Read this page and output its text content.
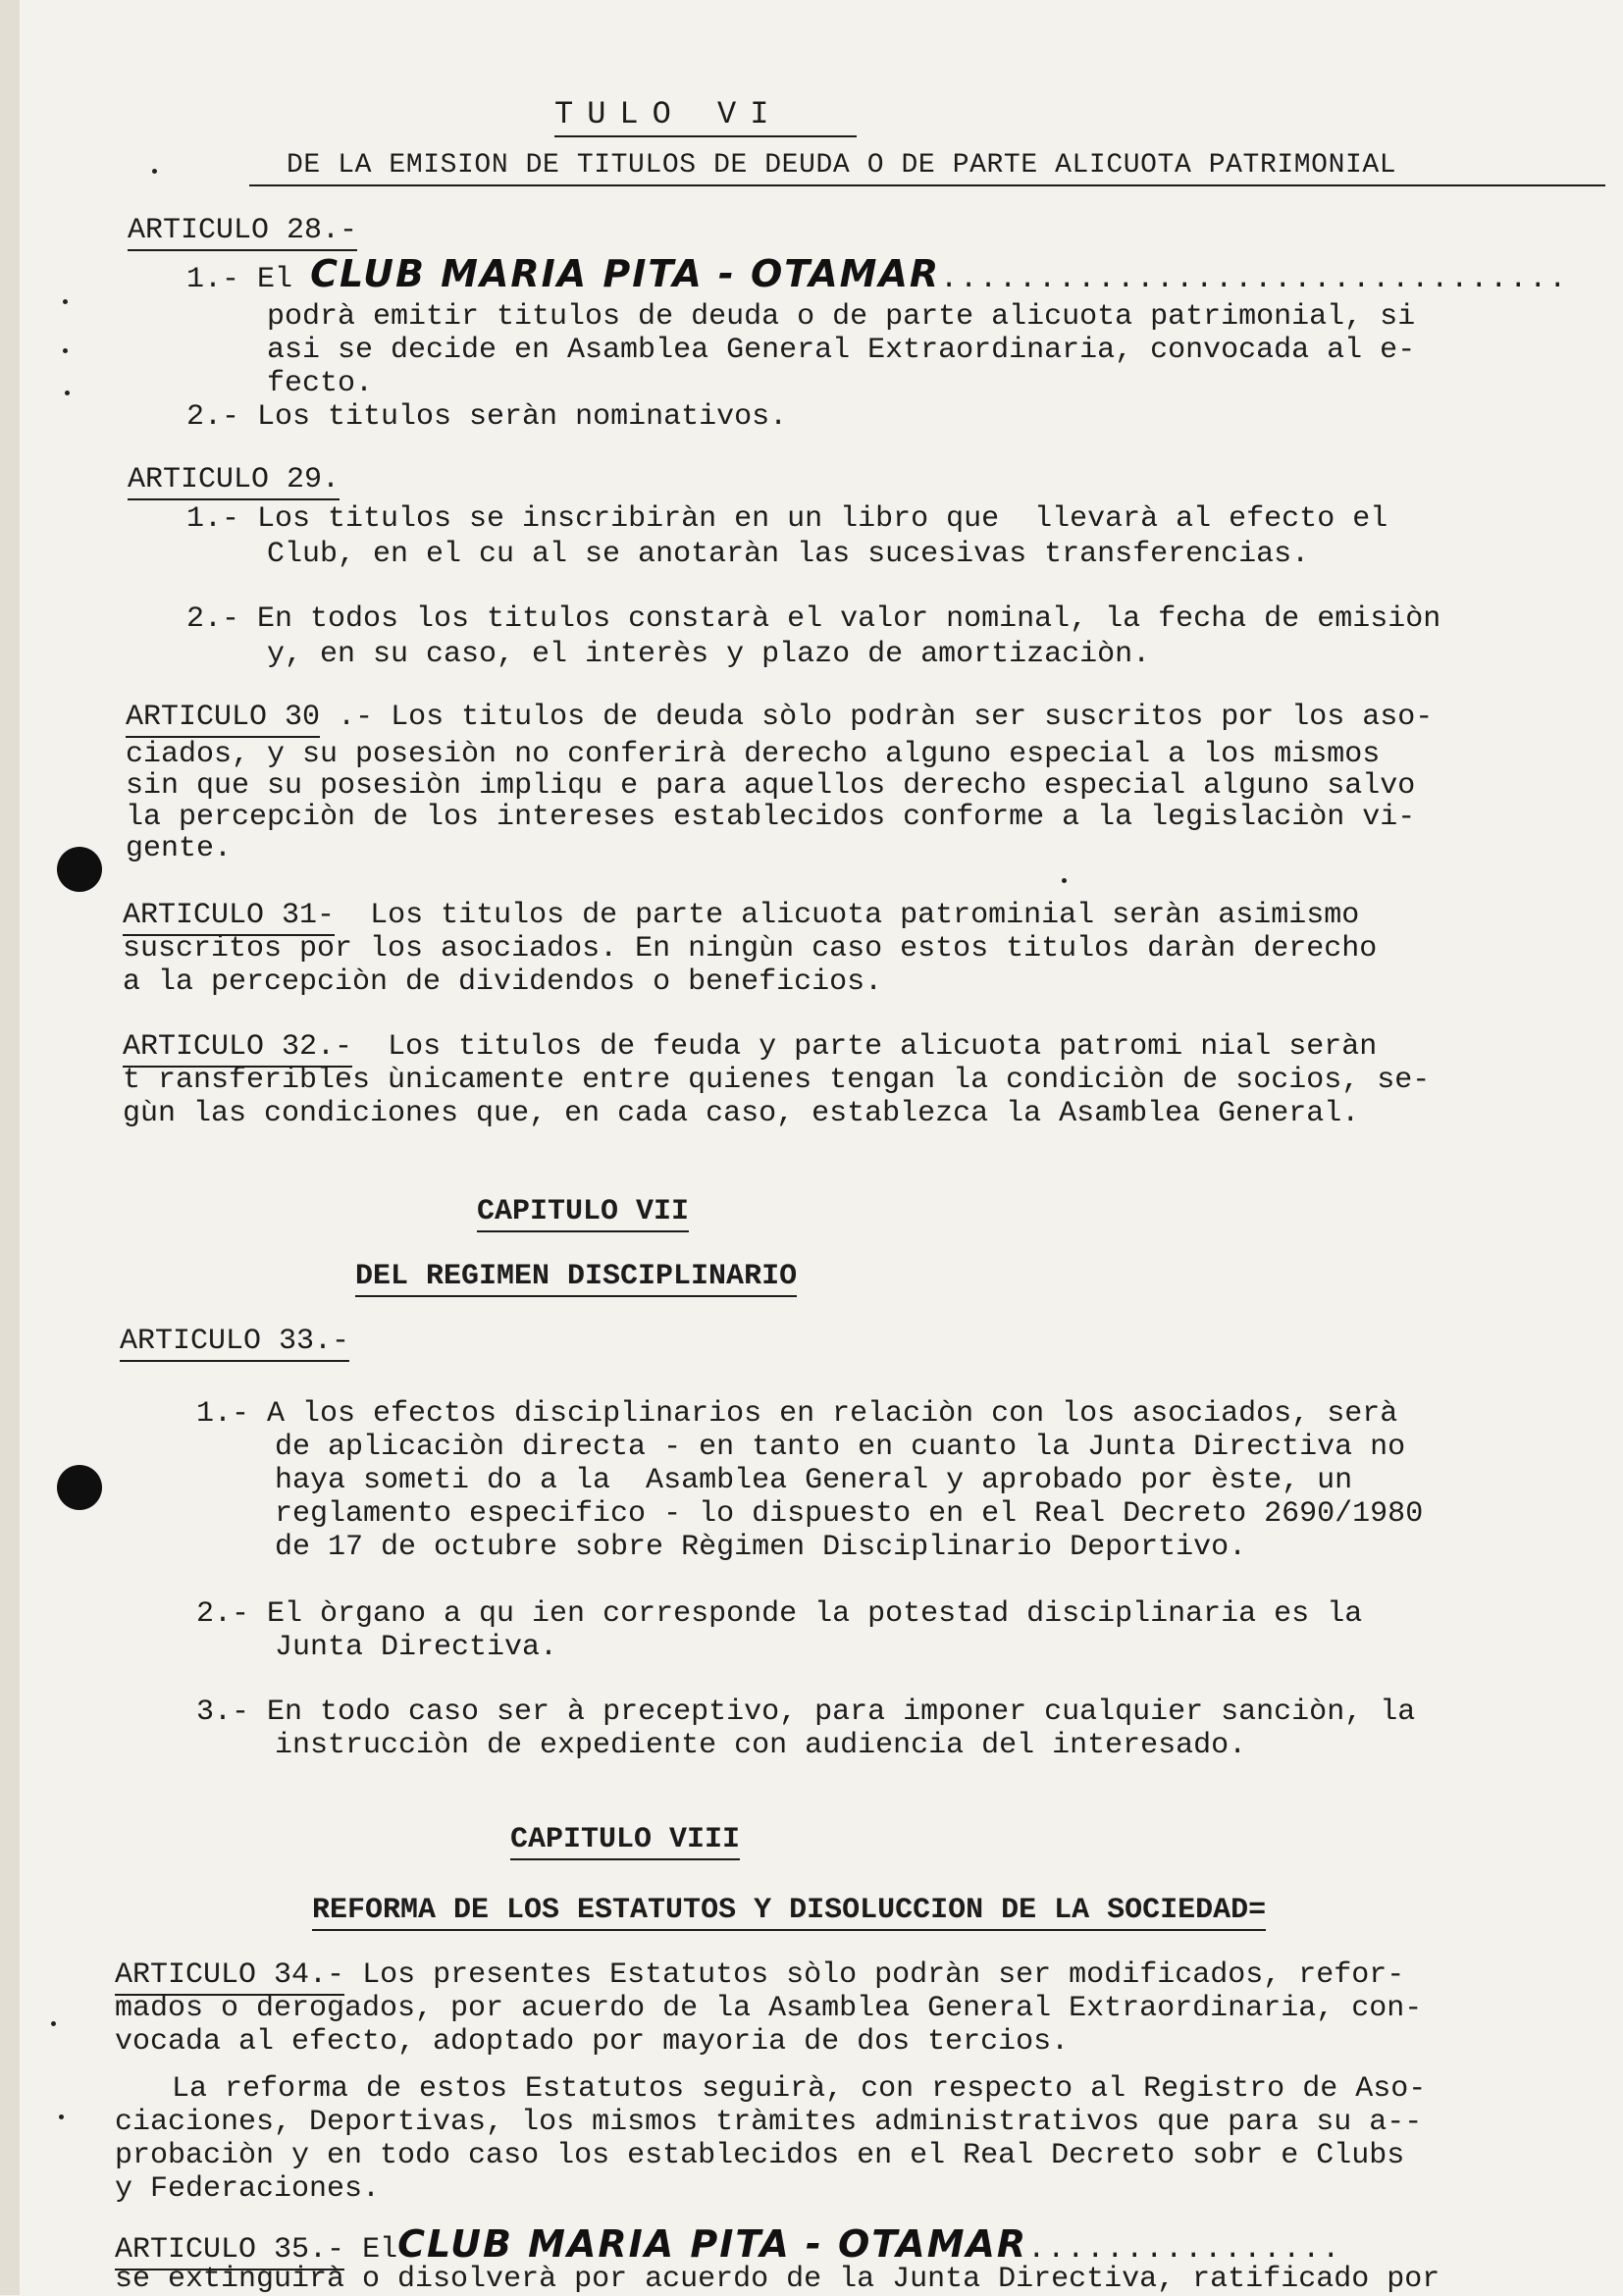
TULO VI
DE LA EMISION DE TITULOS DE DEUDA O DE PARTE ALICUOTA PATRIMONIAL
ARTICULO 28.-
1.- El CLUB MARIA PITA - OTAMAR................................
podrà emitir titulos de deuda o de parte alicuota patrimonial, si
asi se decide en Asamblea General Extraordinaria, convocada al e-
fecto.
2.- Los titulos seràn nominativos.
ARTICULO 29.
1.- Los titulos se inscribiràn en un libro que  llevarà al efecto el
Club, en el cu al se anotaràn las sucesivas transferencias.
2.- En todos los titulos constarà el valor nominal, la fecha de emisiòn
y, en su caso, el interès y plazo de amortizaciòn.
ARTICULO 30 .- Los titulos de deuda sòlo podràn ser suscritos por los aso-
ciados, y su posesiòn no conferirà derecho alguno especial a los mismos
sin que su posesiòn impliqu e para aquellos derecho especial alguno salvo
la percepciòn de los intereses establecidos conforme a la legislaciòn vi-
gente.
ARTICULO 31- Los titulos de parte alicuota patrominial seràn asimismo
suscritos por los asociados. En ningùn caso estos titulos daràn derecho
a la percepciòn de dividendos o beneficios.
ARTICULO 32.- Los titulos de feuda y parte alicuota patromi nial seràn
t ransferibles ùnicamente entre quienes tengan la condiciòn de socios, se-
gùn las condiciones que, en cada caso, establezca la Asamblea General.
CAPITULO VII
DEL REGIMEN DISCIPLINARIO
ARTICULO 33.-
1.- A los efectos disciplinarios en relaciòn con los asociados, serà
de aplicaciòn directa - en tanto en cuanto la Junta Directiva no
haya someti do a la  Asamblea General y aprobado por èste, un
reglamento especifico - lo dispuesto en el Real Decreto 2690/1980
de 17 de octubre sobre Règimen Disciplinario Deportivo.
2.- El òrgano a qu ien corresponde la potestad disciplinaria es la
Junta Directiva.
3.- En todo caso ser à preceptivo, para imponer cualquier sanciòn, la
instrucciòn de expediente con audiencia del interesado.
CAPITULO VIII
REFORMA DE LOS ESTATUTOS Y DISOLUCCION DE LA SOCIEDAD=
ARTICULO 34.- Los presentes Estatutos sòlo podràn ser modificados, refor-
mados o derogados, por acuerdo de la Asamblea General Extraordinaria, con-
vocada al efecto, adoptado por mayoria de dos tercios.
La reforma de estos Estatutos seguirà, con respecto al Registro de Aso-
ciaciones, Deportivas, los mismos tràmites administrativos que para su a--
probaciòn y en todo caso los establecidos en el Real Decreto sobr e Clubs
y Federaciones.
ARTICULO 35.- ElCLUB MARIA PITA - OTAMAR................
se extinguirà o disolverà por acuerdo de la Junta Directiva, ratificado por
